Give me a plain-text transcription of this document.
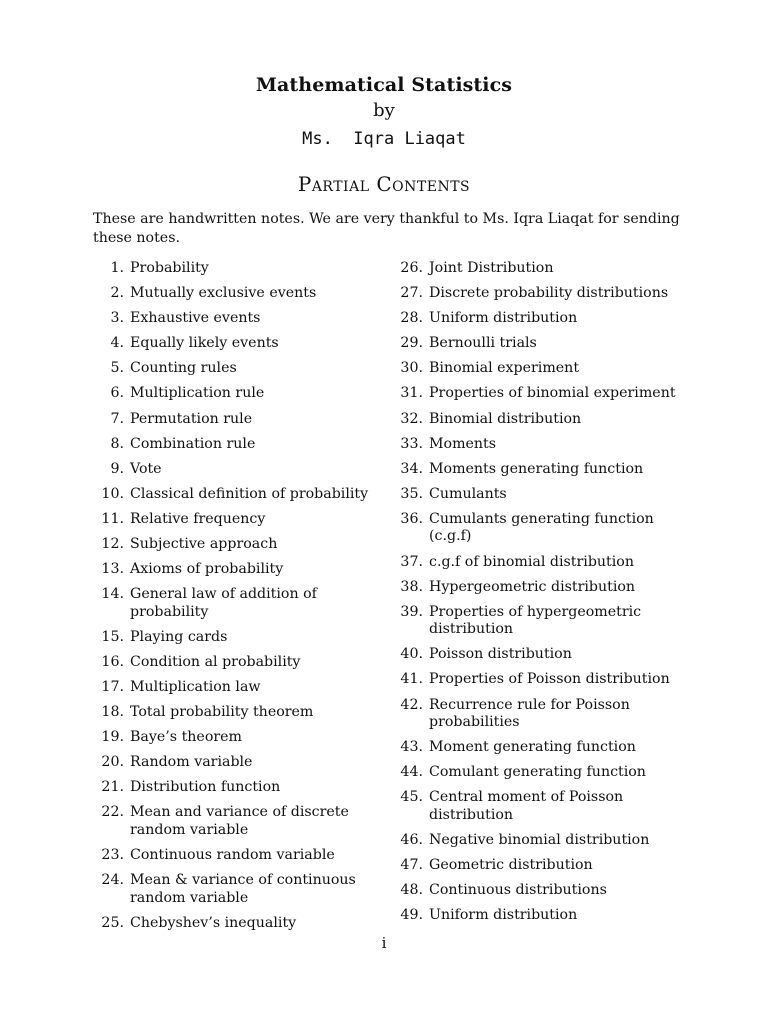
Mathematical Statistics
by
Ms.  Iqra Liaqat
Partial Contents
These are handwritten notes. We are very thankful to Ms. Iqra Liaqat for sending these notes.
1. Probability
2. Mutually exclusive events
3. Exhaustive events
4. Equally likely events
5. Counting rules
6. Multiplication rule
7. Permutation rule
8. Combination rule
9. Vote
10. Classical definition of probability
11. Relative frequency
12. Subjective approach
13. Axioms of probability
14. General law of addition of probability
15. Playing cards
16. Condition al probability
17. Multiplication law
18. Total probability theorem
19. Baye’s theorem
20. Random variable
21. Distribution function
22. Mean and variance of discrete random variable
23. Continuous random variable
24. Mean & variance of continuous random variable
25. Chebyshev’s inequality
26. Joint Distribution
27. Discrete probability distributions
28. Uniform distribution
29. Bernoulli trials
30. Binomial experiment
31. Properties of binomial experiment
32. Binomial distribution
33. Moments
34. Moments generating function
35. Cumulants
36. Cumulants generating function (c.g.f)
37. c.g.f of binomial distribution
38. Hypergeometric distribution
39. Properties of hypergeometric distribution
40. Poisson distribution
41. Properties of Poisson distribution
42. Recurrence rule for Poisson probabilities
43. Moment generating function
44. Comulant generating function
45. Central moment of Poisson distribution
46. Negative binomial distribution
47. Geometric distribution
48. Continuous distributions
49. Uniform distribution
i
